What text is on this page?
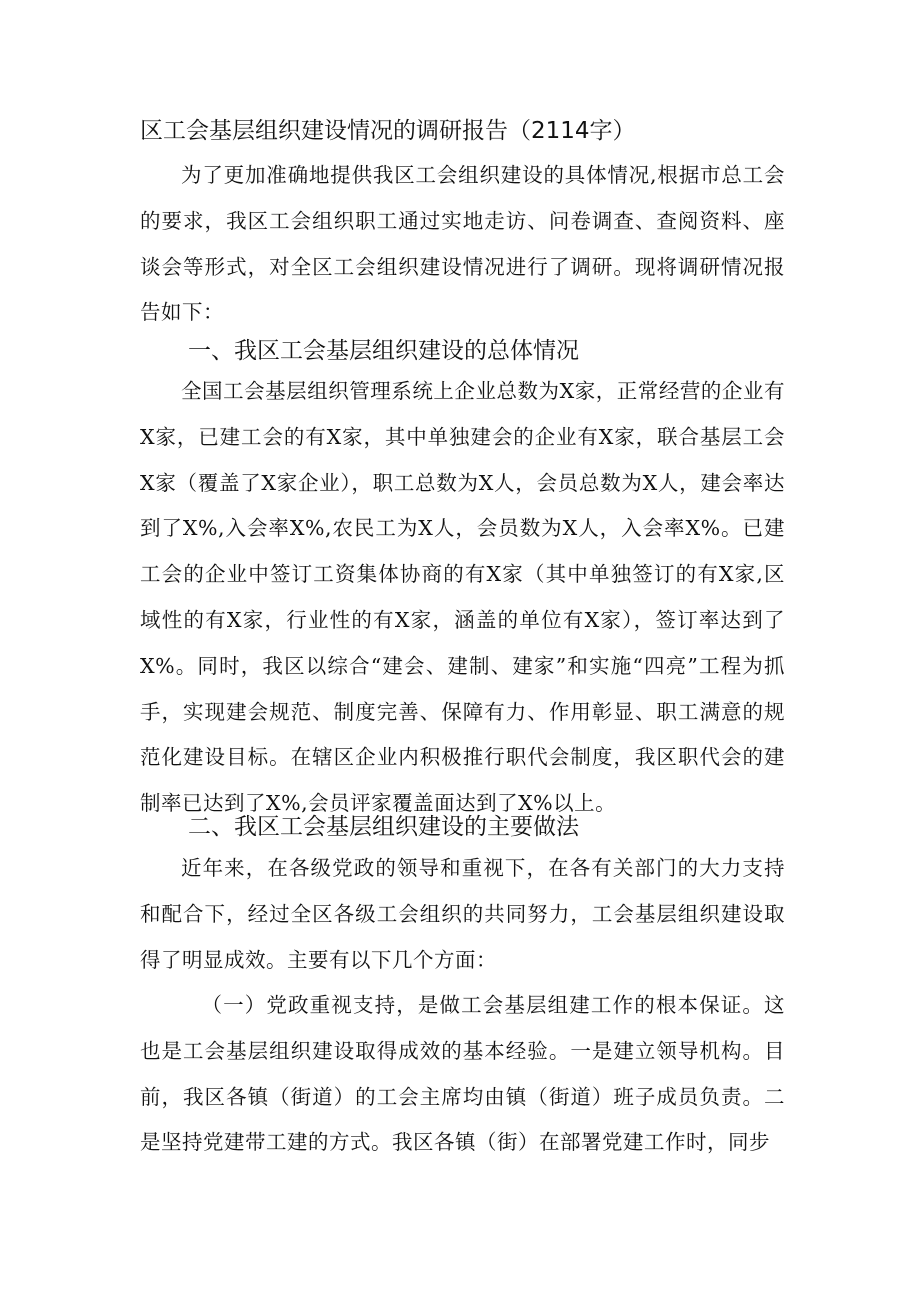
区工会基层组织建设情况的调研报告（2114字）

为了更加准确地提供我区工会组织建设的具体情况,根据市总工会的要求，我区工会组织职工通过实地走访、问卷调查、查阅资料、座谈会等形式，对全区工会组织建设情况进行了调研。现将调研情况报告如下：

一、我区工会基层组织建设的总体情况

全国工会基层组织管理系统上企业总数为X家，正常经营的企业有X家，已建工会的有X家，其中单独建会的企业有X家，联合基层工会X家（覆盖了X家企业），职工总数为X人，会员总数为X人，建会率达到了X%,入会率X%,农民工为X人，会员数为X人，入会率X%。已建工会的企业中签订工资集体协商的有X家（其中单独签订的有X家,区域性的有X家，行业性的有X家，涵盖的单位有X家），签订率达到了X%。同时，我区以综合“建会、建制、建家”和实施“四亮”工程为抓手，实现建会规范、制度完善、保障有力、作用彰显、职工满意的规范化建设目标。在辖区企业内积极推行职代会制度，我区职代会的建制率已达到了X%,会员评家覆盖面达到了X%以上。

二、我区工会基层组织建设的主要做法

近年来，在各级党政的领导和重视下，在各有关部门的大力支持和配合下，经过全区各级工会组织的共同努力，工会基层组织建设取得了明显成效。主要有以下几个方面：

（一）党政重视支持，是做工会基层组建工作的根本保证。这也是工会基层组织建设取得成效的基本经验。一是建立领导机构。目前，我区各镇（街道）的工会主席均由镇（街道）班子成员负责。二是坚持党建带工建的方式。我区各镇（街）在部署党建工作时，同步
